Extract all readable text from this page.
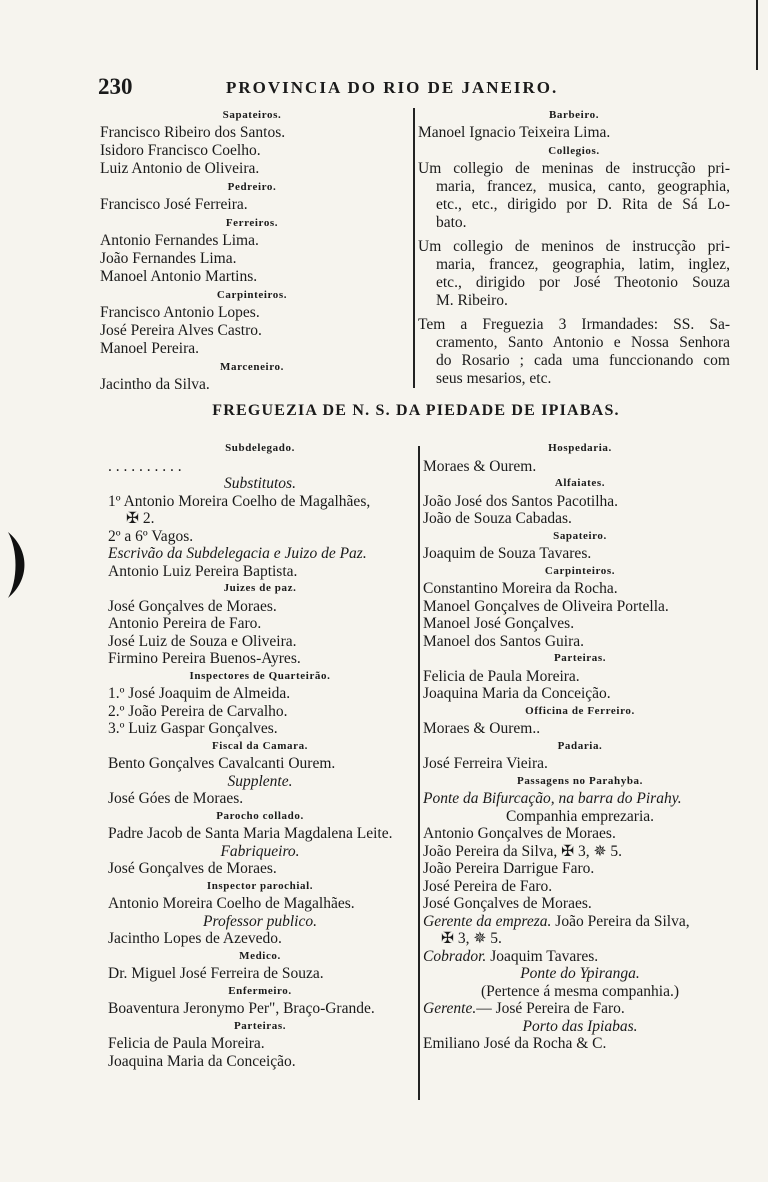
230	PROVINCIA DO RIO DE JANEIRO.
Sapateiros.
Francisco Ribeiro dos Santos.
Isidoro Francisco Coelho.
Luiz Antonio de Oliveira.
Pedreiro.
Francisco José Ferreira.
Ferreiros.
Antonio Fernandes Lima.
João Fernandes Lima.
Manoel Antonio Martins.
Carpinteiros.
Francisco Antonio Lopes.
José Pereira Alves Castro.
Manoel Pereira.
Marceneiro.
Jacintho da Silva.
Barbeiro.
Manoel Ignacio Teixeira Lima.
Collegios.
Um collegio de meninas de instrucção pri-
maria, francez, musica, canto, geographia,
etc., etc., dirigido por D. Rita de Sá Lo-
bato.
Um collegio de meninos de instrucção pri-
maria, francez, geographia, latim, inglez,
etc., dirigido por José Theotonio Souza
M. Ribeiro.
Tem a Freguezia 3 Irmandades: SS. Sa-
cramento, Santo Antonio e Nossa Senhora
do Rosario ; cada uma funccionando com
seus mesarios, etc.
FREGUEZIA DE N. S. DA PIEDADE DE IPIABAS.
Subdelegado.
. . . . . . . . . .
Substitutos.
1º Antonio Moreira Coelho de Magalhães,
✠ 2.
2º a 6º Vagos.
Escrivão da Subdelegacia e Juizo de Paz.
Antonio Luiz Pereira Baptista.
Juizes de paz.
José Gonçalves de Moraes.
Antonio Pereira de Faro.
José Luiz de Souza e Oliveira.
Firmino Pereira Buenos-Ayres.
Inspectores de Quarteirão.
1.º José Joaquim de Almeida.
2.º João Pereira de Carvalho.
3.º Luiz Gaspar Gonçalves.
Fiscal da Camara.
Bento Gonçalves Cavalcanti Ourem.
Supplente.
José Góes de Moraes.
Parocho collado.
Padre Jacob de Santa Maria Magdalena Leite.
Fabriqueiro.
José Gonçalves de Moraes.
Inspector parochial.
Antonio Moreira Coelho de Magalhães.
Professor publico.
Jacintho Lopes de Azevedo.
Medico.
Dr. Miguel José Ferreira de Souza.
Enfermeiro.
Boaventura Jeronymo Per", Braço-Grande.
Parteiras.
Felicia de Paula Moreira.
Joaquina Maria da Conceição.
Hospedaria.
Moraes & Ourem.
Alfaiates.
João José dos Santos Pacotilha.
João de Souza Cabadas.
Sapateiro.
Joaquim de Souza Tavares.
Carpinteiros.
Constantino Moreira da Rocha.
Manoel Gonçalves de Oliveira Portella.
Manoel José Gonçalves.
Manoel dos Santos Guira.
Parteiras.
Felicia de Paula Moreira.
Joaquina Maria da Conceição.
Officina de Ferreiro.
Moraes & Ourem..
Padaria.
José Ferreira Vieira.
Passagens no Parahyba.
Ponte da Bifurcação, na barra do Pirahy.
Companhia emprezaria.
Antonio Gonçalves de Moraes.
João Pereira da Silva, ✠ 3, ✵ 5.
João Pereira Darrigue Faro.
José Pereira de Faro.
José Gonçalves de Moraes.
Gerente da empreza. João Pereira da Silva,
✠ 3, ✵ 5.
Cobrador. Joaquim Tavares.
Ponte do Ypiranga.
(Pertence á mesma companhia.)
Gerente.— José Pereira de Faro.
Porto das Ipiabas.
Emiliano José da Rocha & C.
